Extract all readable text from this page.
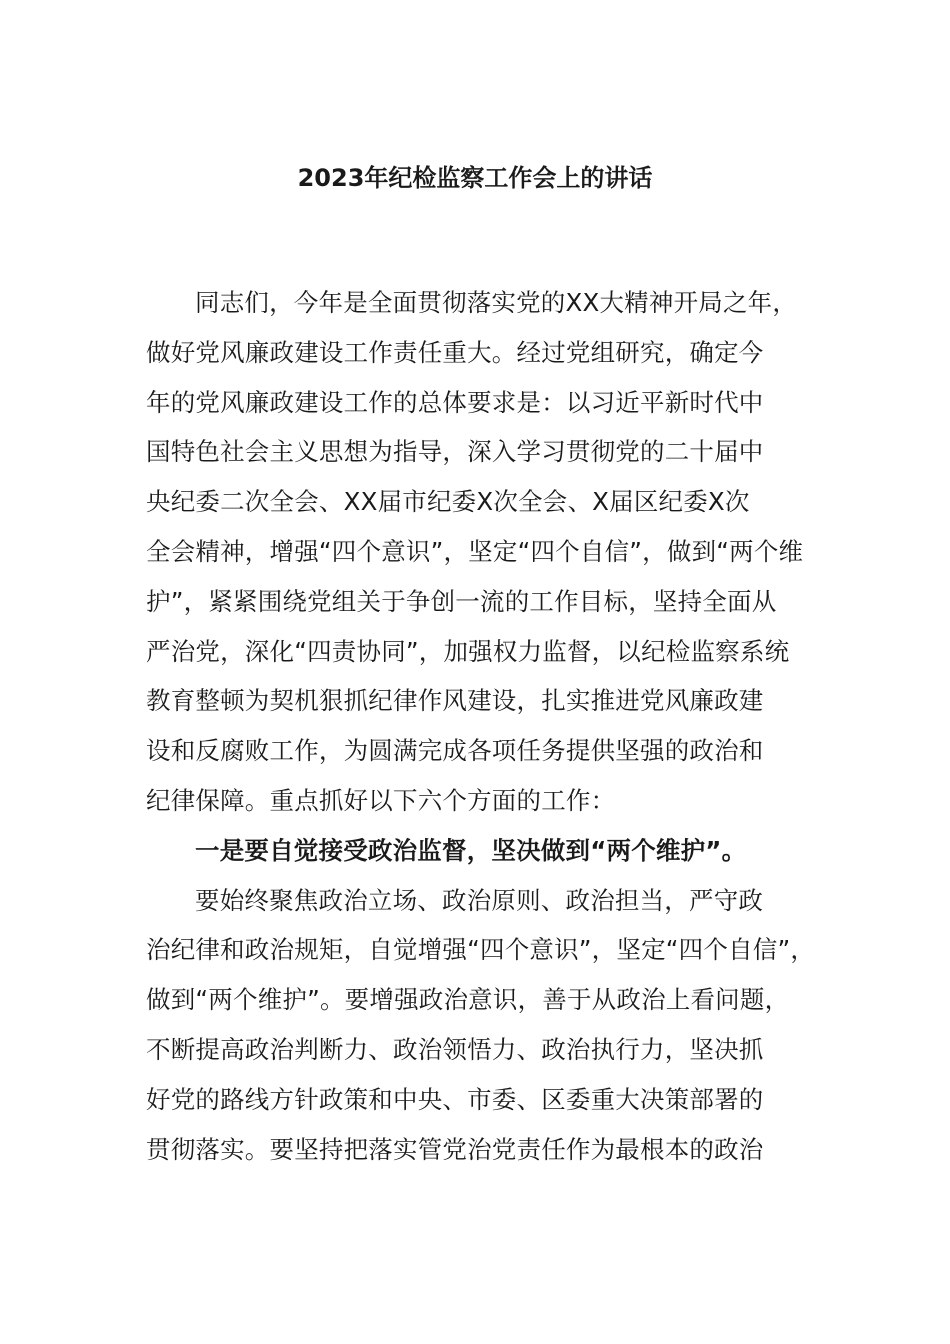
2023年纪检监察工作会上的讲话
同志们，今年是全面贯彻落实党的XX大精神开局之年，
做好党风廉政建设工作责任重大。经过党组研究，确定今
年的党风廉政建设工作的总体要求是：以习近平新时代中
国特色社会主义思想为指导，深入学习贯彻党的二十届中
央纪委二次全会、XX届市纪委X次全会、X届区纪委X次
全会精神，增强“四个意识”，坚定“四个自信”，做到“两个维
护”，紧紧围绕党组关于争创一流的工作目标，坚持全面从
严治党，深化“四责协同”，加强权力监督，以纪检监察系统
教育整顿为契机狠抓纪律作风建设，扎实推进党风廉政建
设和反腐败工作，为圆满完成各项任务提供坚强的政治和
纪律保障。重点抓好以下六个方面的工作：
一是要自觉接受政治监督，坚决做到“两个维护”。
要始终聚焦政治立场、政治原则、政治担当，严守政
治纪律和政治规矩，自觉增强“四个意识”，坚定“四个自信”，
做到“两个维护”。要增强政治意识，善于从政治上看问题，
不断提高政治判断力、政治领悟力、政治执行力，坚决抓
好党的路线方针政策和中央、市委、区委重大决策部署的
贯彻落实。要坚持把落实管党治党责任作为最根本的政治
